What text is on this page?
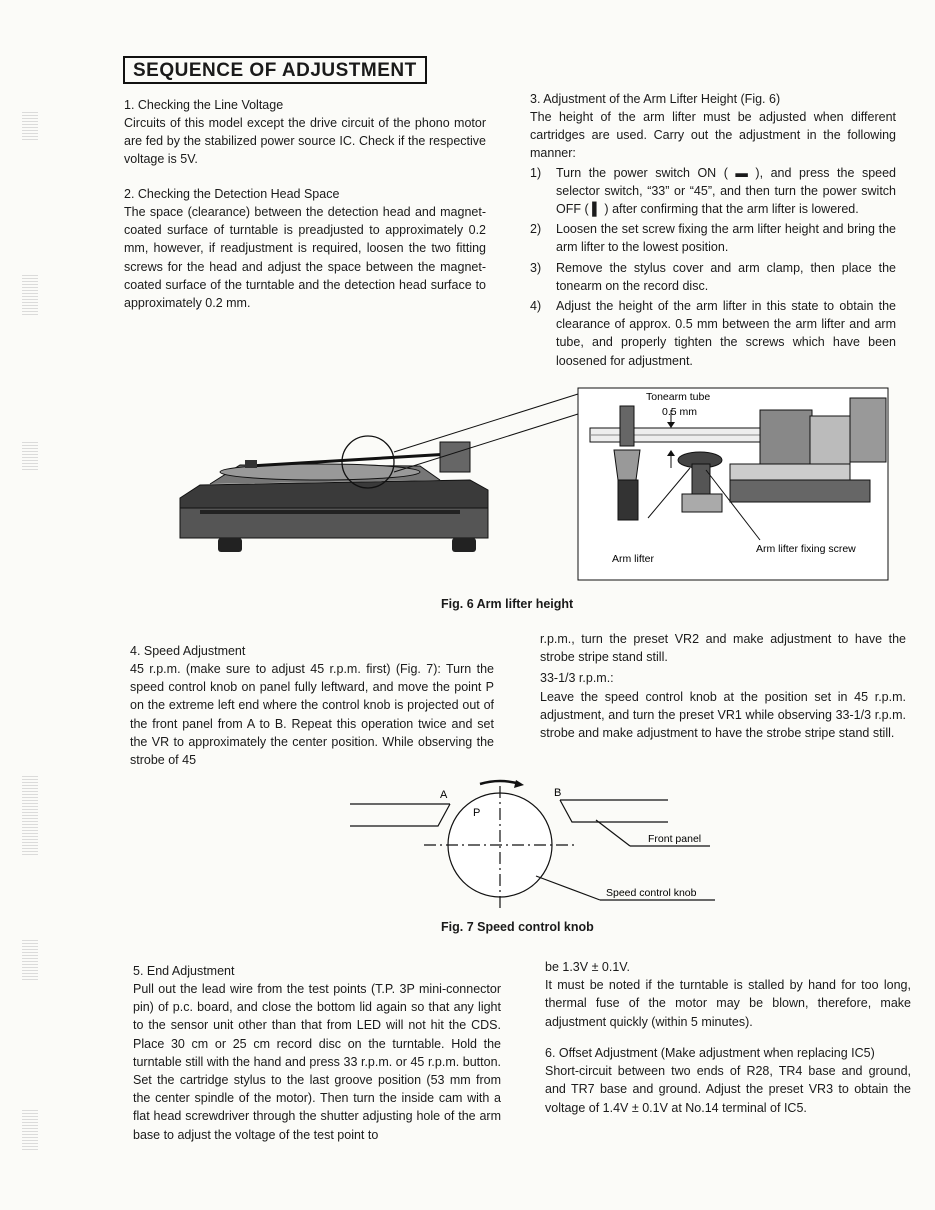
SEQUENCE OF ADJUSTMENT
1. Checking the Line Voltage
Circuits of this model except the drive circuit of the phono motor are fed by the stabilized power source IC. Check if the respective voltage is 5V.
2. Checking the Detection Head Space
The space (clearance) between the detection head and magnet-coated surface of turntable is preadjusted to approximately 0.2 mm, however, if readjustment is required, loosen the two fitting screws for the head and adjust the space between the magnet-coated surface of the turntable and the detection head surface to approximately 0.2 mm.
3. Adjustment of the Arm Lifter Height (Fig. 6)
The height of the arm lifter must be adjusted when different cartridges are used. Carry out the adjustment in the following manner:
1) Turn the power switch ON ( ▬ ), and press the speed selector switch, “33” or “45”, and then turn the power switch OFF ( ▌ ) after confirming that the arm lifter is lowered.
2) Loosen the set screw fixing the arm lifter height and bring the arm lifter to the lowest position.
3) Remove the stylus cover and arm clamp, then place the tonearm on the record disc.
4) Adjust the height of the arm lifter in this state to obtain the clearance of approx. 0.5 mm between the arm lifter and arm tube, and properly tighten the screws which have been loosened for adjustment.
Tonearm tube
0.5 mm
Arm lifter
Arm lifter fixing screw
Fig. 6 Arm lifter height
4. Speed Adjustment
45 r.p.m. (make sure to adjust 45 r.p.m. first) (Fig. 7): Turn the speed control knob on panel fully leftward, and move the point P on the extreme left end where the control knob is projected out of the front panel from A to B. Repeat this operation twice and set the VR to approximately the center position. While observing the strobe of 45
r.p.m., turn the preset VR2 and make adjustment to have the strobe stripe stand still.
33-1/3 r.p.m.:
Leave the speed control knob at the position set in 45 r.p.m. adjustment, and turn the preset VR1 while observing 33-1/3 r.p.m. strobe and make adjustment to have the strobe stripe stand still.
A	B
P
Front panel
Speed control knob
Fig. 7 Speed control knob
5. End Adjustment
Pull out the lead wire from the test points (T.P. 3P mini-connector pin) of p.c. board, and close the bottom lid again so that any light to the sensor unit other than that from LED will not hit the CDS. Place 30 cm or 25 cm record disc on the turntable. Hold the turntable still with the hand and press 33 r.p.m. or 45 r.p.m. button. Set the cartridge stylus to the last groove position (53 mm from the center spindle of the motor). Then turn the inside cam with a flat head screwdriver through the shutter adjusting hole of the arm base to adjust the voltage of the test point to
be 1.3V ± 0.1V.
It must be noted if the turntable is stalled by hand for too long, thermal fuse of the motor may be blown, therefore, make adjustment quickly (within 5 minutes).
6. Offset Adjustment (Make adjustment when replacing IC5)
Short-circuit between two ends of R28, TR4 base and ground, and TR7 base and ground. Adjust the preset VR3 to obtain the voltage of 1.4V ± 0.1V at No.14 terminal of IC5.
